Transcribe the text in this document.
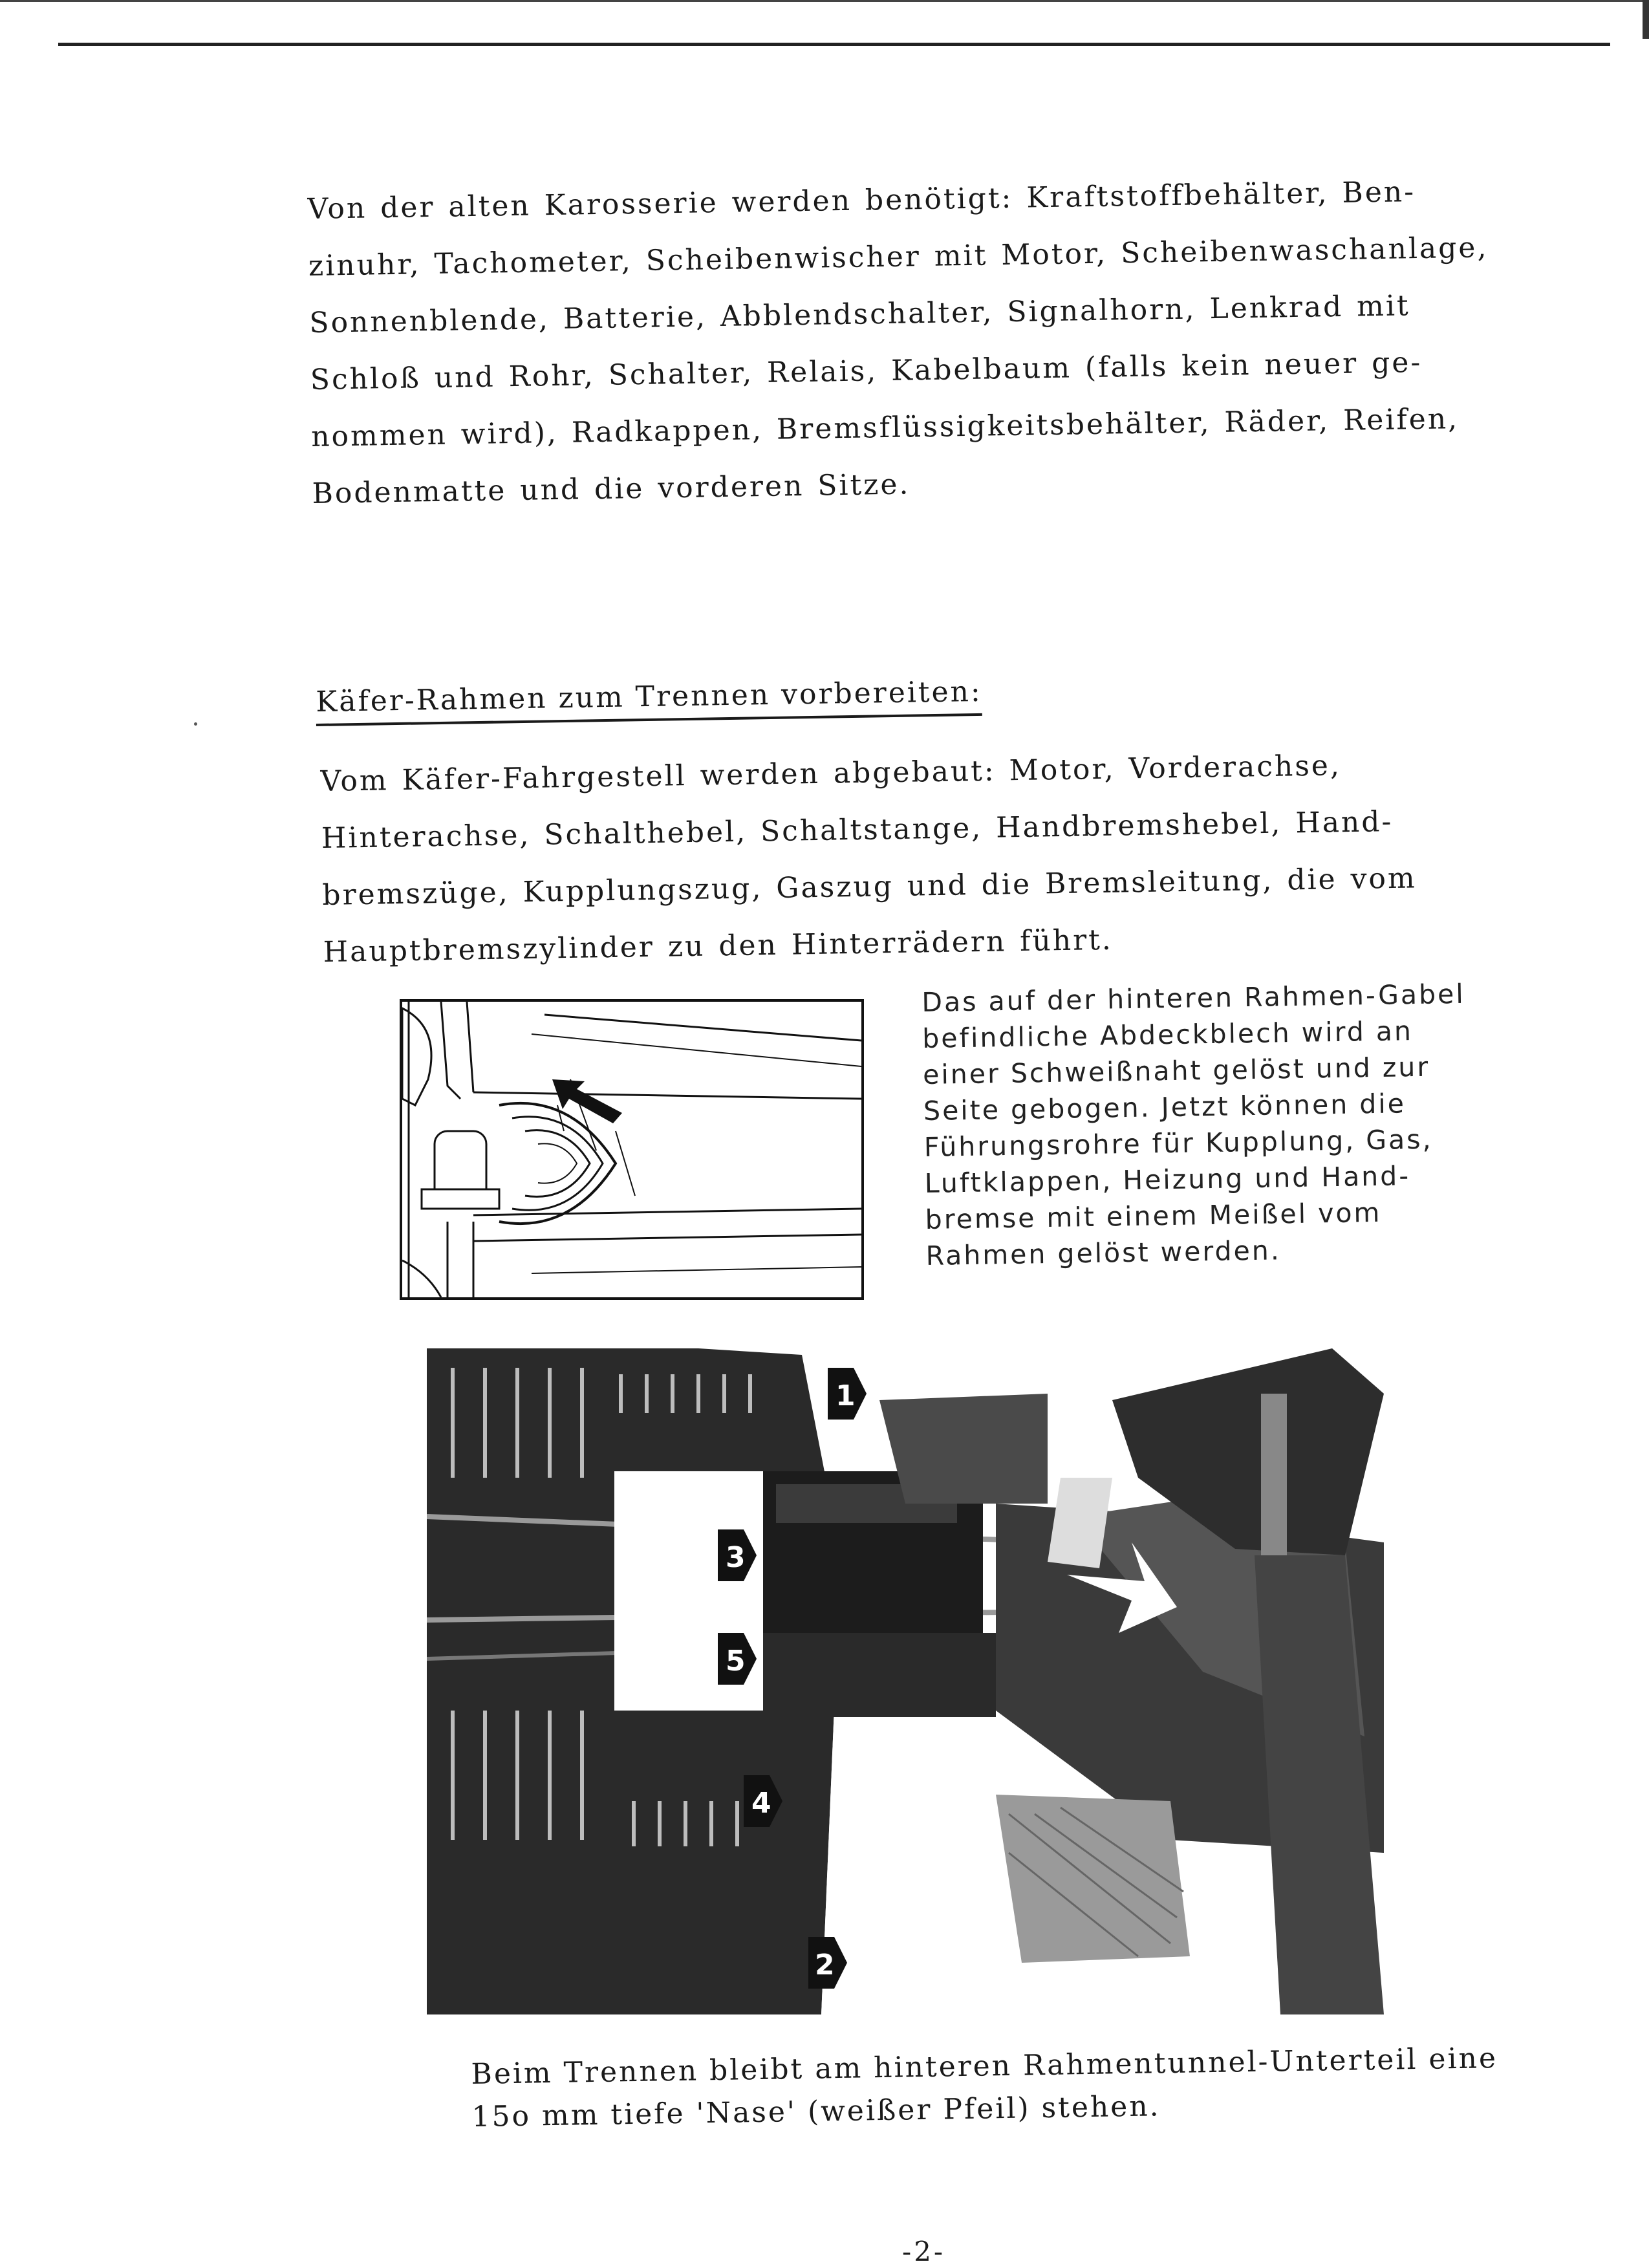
Von der alten Karosserie werden benötigt: Kraftstoffbehälter, Ben-
zinuhr, Tachometer, Scheibenwischer mit Motor, Scheibenwaschanlage,
Sonnenblende, Batterie, Abblendschalter, Signalhorn, Lenkrad mit
Schloß und Rohr, Schalter, Relais, Kabelbaum (falls kein neuer ge-
nommen wird), Radkappen, Bremsflüssigkeitsbehälter, Räder, Reifen,
Bodenmatte und die vorderen Sitze.
Käfer-Rahmen zum Trennen vorbereiten:
Vom Käfer-Fahrgestell werden abgebaut: Motor, Vorderachse,
Hinterachse, Schalthebel, Schaltstange, Handbremshebel, Hand-
bremszüge, Kupplungszug, Gaszug und die Bremsleitung, die vom
Hauptbremszylinder zu den Hinterrädern führt.
Das auf der hinteren Rahmen-Gabel
befindliche Abdeckblech wird an
einer Schweißnaht gelöst und zur
Seite gebogen. Jetzt können die
Führungsrohre für Kupplung, Gas,
Luftklappen, Heizung und Hand-
bremse mit einem Meißel vom
Rahmen gelöst werden.
1
2
3
4
5
Beim Trennen bleibt am hinteren Rahmentunnel-Unterteil eine
15o mm tiefe 'Nase' (weißer Pfeil) stehen.
-2-
